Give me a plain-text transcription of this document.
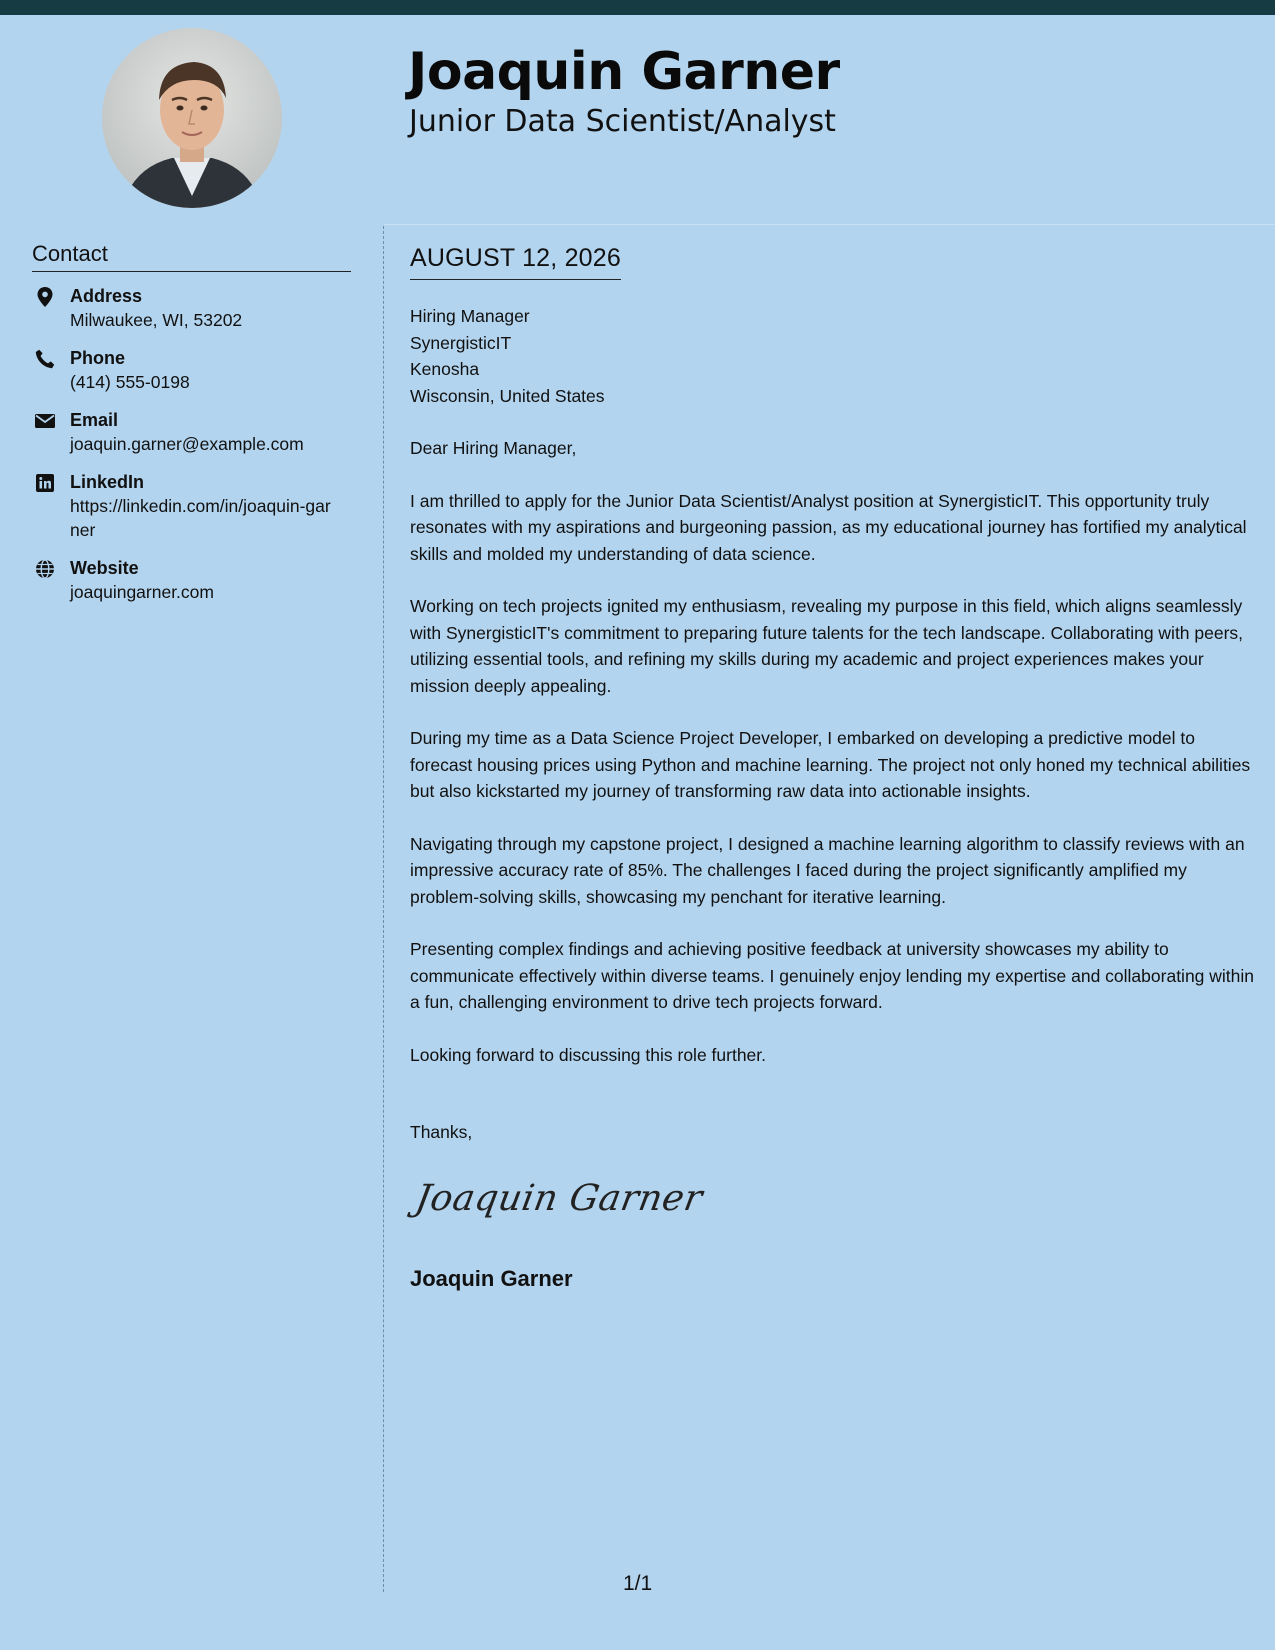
Joaquin Garner
Junior Data Scientist/Analyst
Contact
Address
Milwaukee, WI, 53202
Phone
(414) 555-0198
Email
joaquin.garner@example.com
LinkedIn
https://linkedin.com/in/joaquin-garner
Website
joaquingarner.com
AUGUST 12, 2026
Hiring Manager
SynergisticIT
Kenosha
Wisconsin, United States

Dear Hiring Manager,

I am thrilled to apply for the Junior Data Scientist/Analyst position at SynergisticIT. This opportunity truly resonates with my aspirations and burgeoning passion, as my educational journey has fortified my analytical skills and molded my understanding of data science.

Working on tech projects ignited my enthusiasm, revealing my purpose in this field, which aligns seamlessly with SynergisticIT's commitment to preparing future talents for the tech landscape. Collaborating with peers, utilizing essential tools, and refining my skills during my academic and project experiences makes your mission deeply appealing.

During my time as a Data Science Project Developer, I embarked on developing a predictive model to forecast housing prices using Python and machine learning. The project not only honed my technical abilities but also kickstarted my journey of transforming raw data into actionable insights.

Navigating through my capstone project, I designed a machine learning algorithm to classify reviews with an impressive accuracy rate of 85%. The challenges I faced during the project significantly amplified my problem-solving skills, showcasing my penchant for iterative learning.

Presenting complex findings and achieving positive feedback at university showcases my ability to communicate effectively within diverse teams. I genuinely enjoy lending my expertise and collaborating within a fun, challenging environment to drive tech projects forward.

Looking forward to discussing this role further.

Thanks,
Joaquin Garner
Joaquin Garner
1/1
